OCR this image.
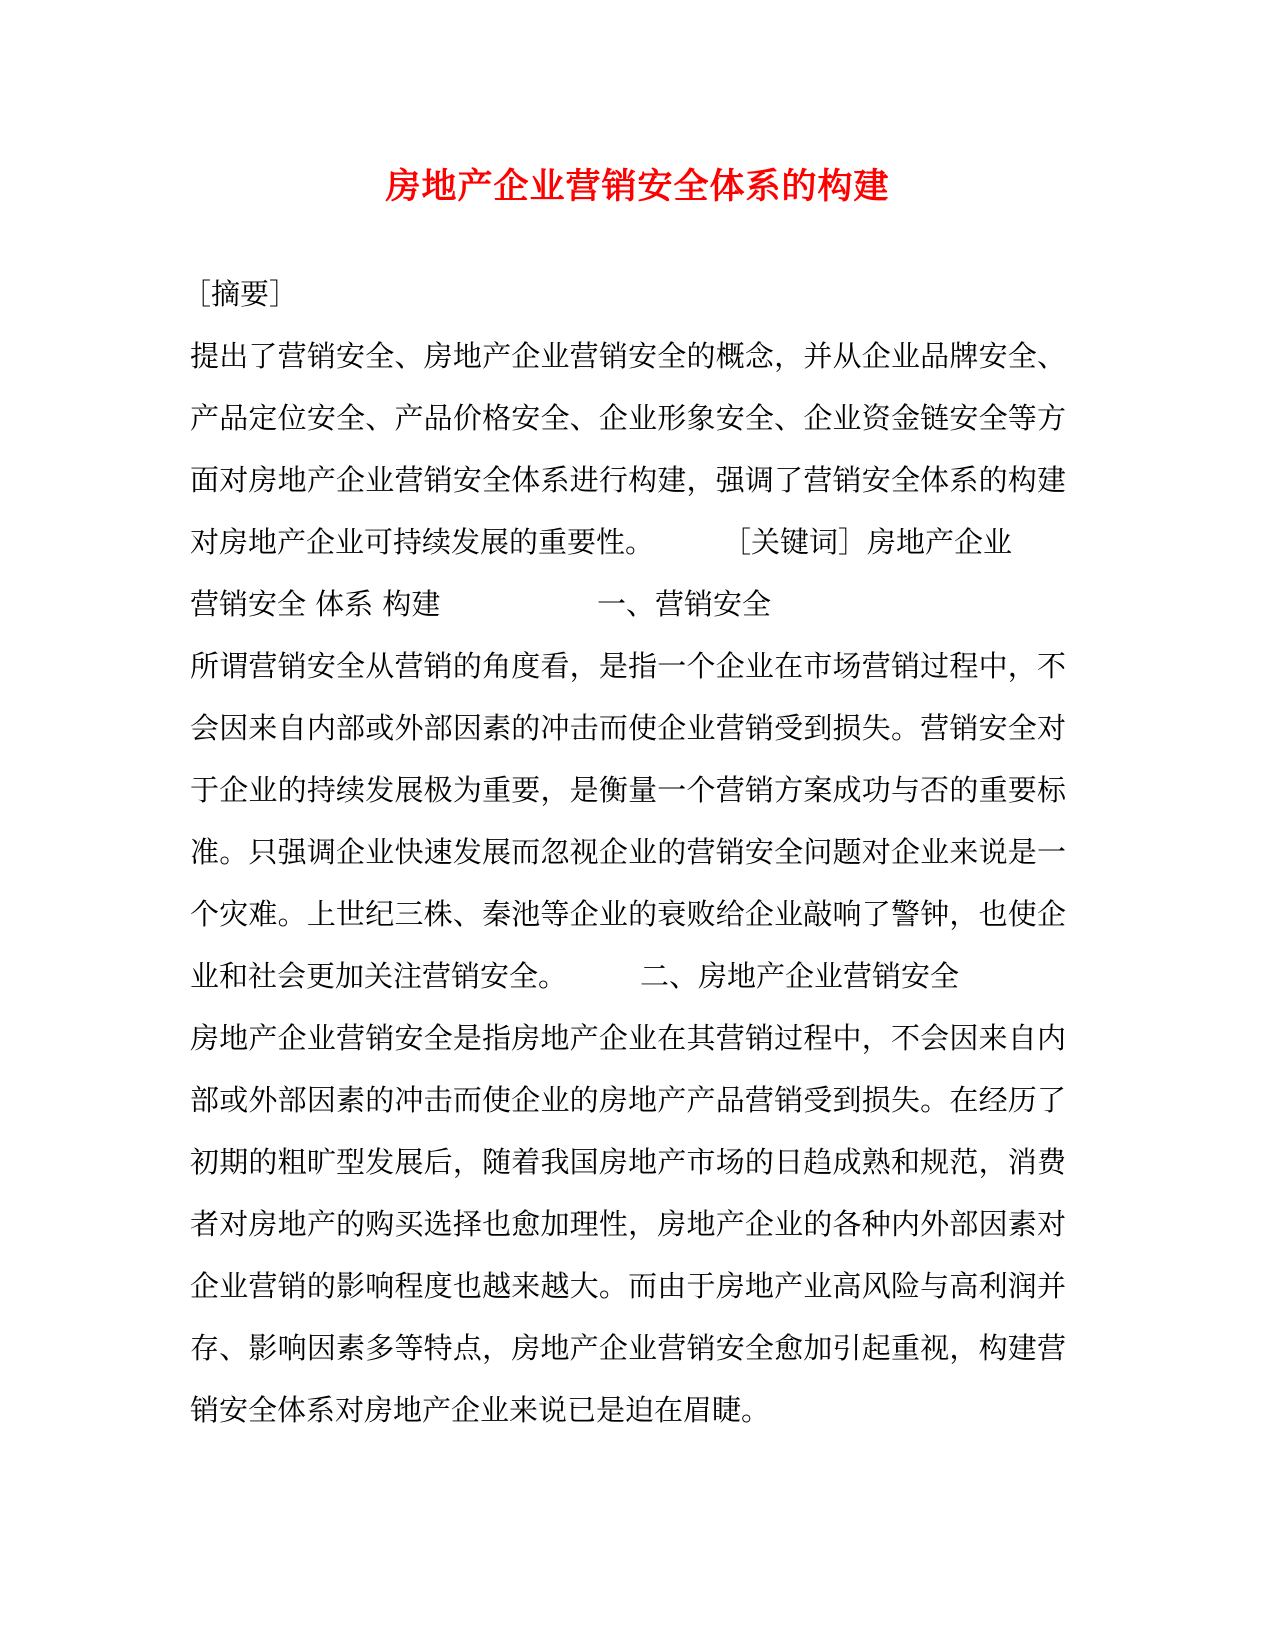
房地产企业营销安全体系的构建
［摘要］
提出了营销安全、房地产企业营销安全的概念，并从企业品牌安全、
产品定位安全、产品价格安全、企业形象安全、企业资金链安全等方
面对房地产企业营销安全体系进行构建，强调了营销安全体系的构建
对房地产企业可持续发展的重要性。 ［关键词］房地产企业
营销安全 体系 构建	一、营销安全
所谓营销安全从营销的角度看，是指一个企业在市场营销过程中，不
会因来自内部或外部因素的冲击而使企业营销受到损失。营销安全对
于企业的持续发展极为重要，是衡量一个营销方案成功与否的重要标
准。只强调企业快速发展而忽视企业的营销安全问题对企业来说是一
个灾难。上世纪三株、秦池等企业的衰败给企业敲响了警钟，也使企
业和社会更加关注营销安全。	二、房地产企业营销安全
房地产企业营销安全是指房地产企业在其营销过程中，不会因来自内
部或外部因素的冲击而使企业的房地产产品营销受到损失。在经历了
初期的粗旷型发展后，随着我国房地产市场的日趋成熟和规范，消费
者对房地产的购买选择也愈加理性，房地产企业的各种内外部因素对
企业营销的影响程度也越来越大。而由于房地产业高风险与高利润并
存、影响因素多等特点，房地产企业营销安全愈加引起重视，构建营
销安全体系对房地产企业来说已是迫在眉睫。
